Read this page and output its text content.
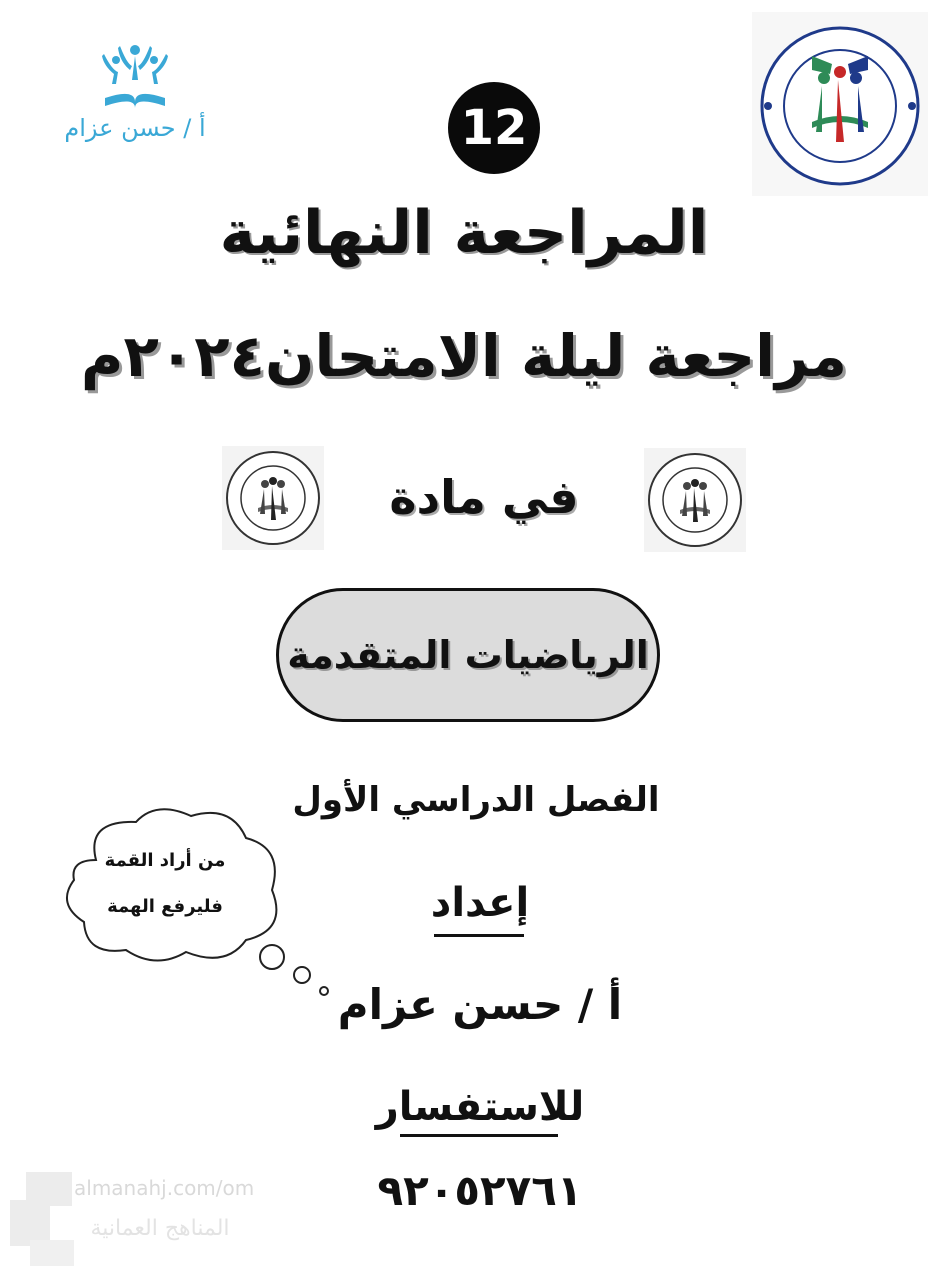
أ / حسن عزام	12
المراجعة النهائية
مراجعة ليلة الامتحان٢٠٢٤م
في مادة
الرياضيات المتقدمة
الفصل الدراسي الأول
من أراد القمة
فليرفع الهمة	إعداد
أ / حسن عزام
للاستفسار
٩٢٠٥٢٧٦١
almanahj.com/om
المناهج العمانية
